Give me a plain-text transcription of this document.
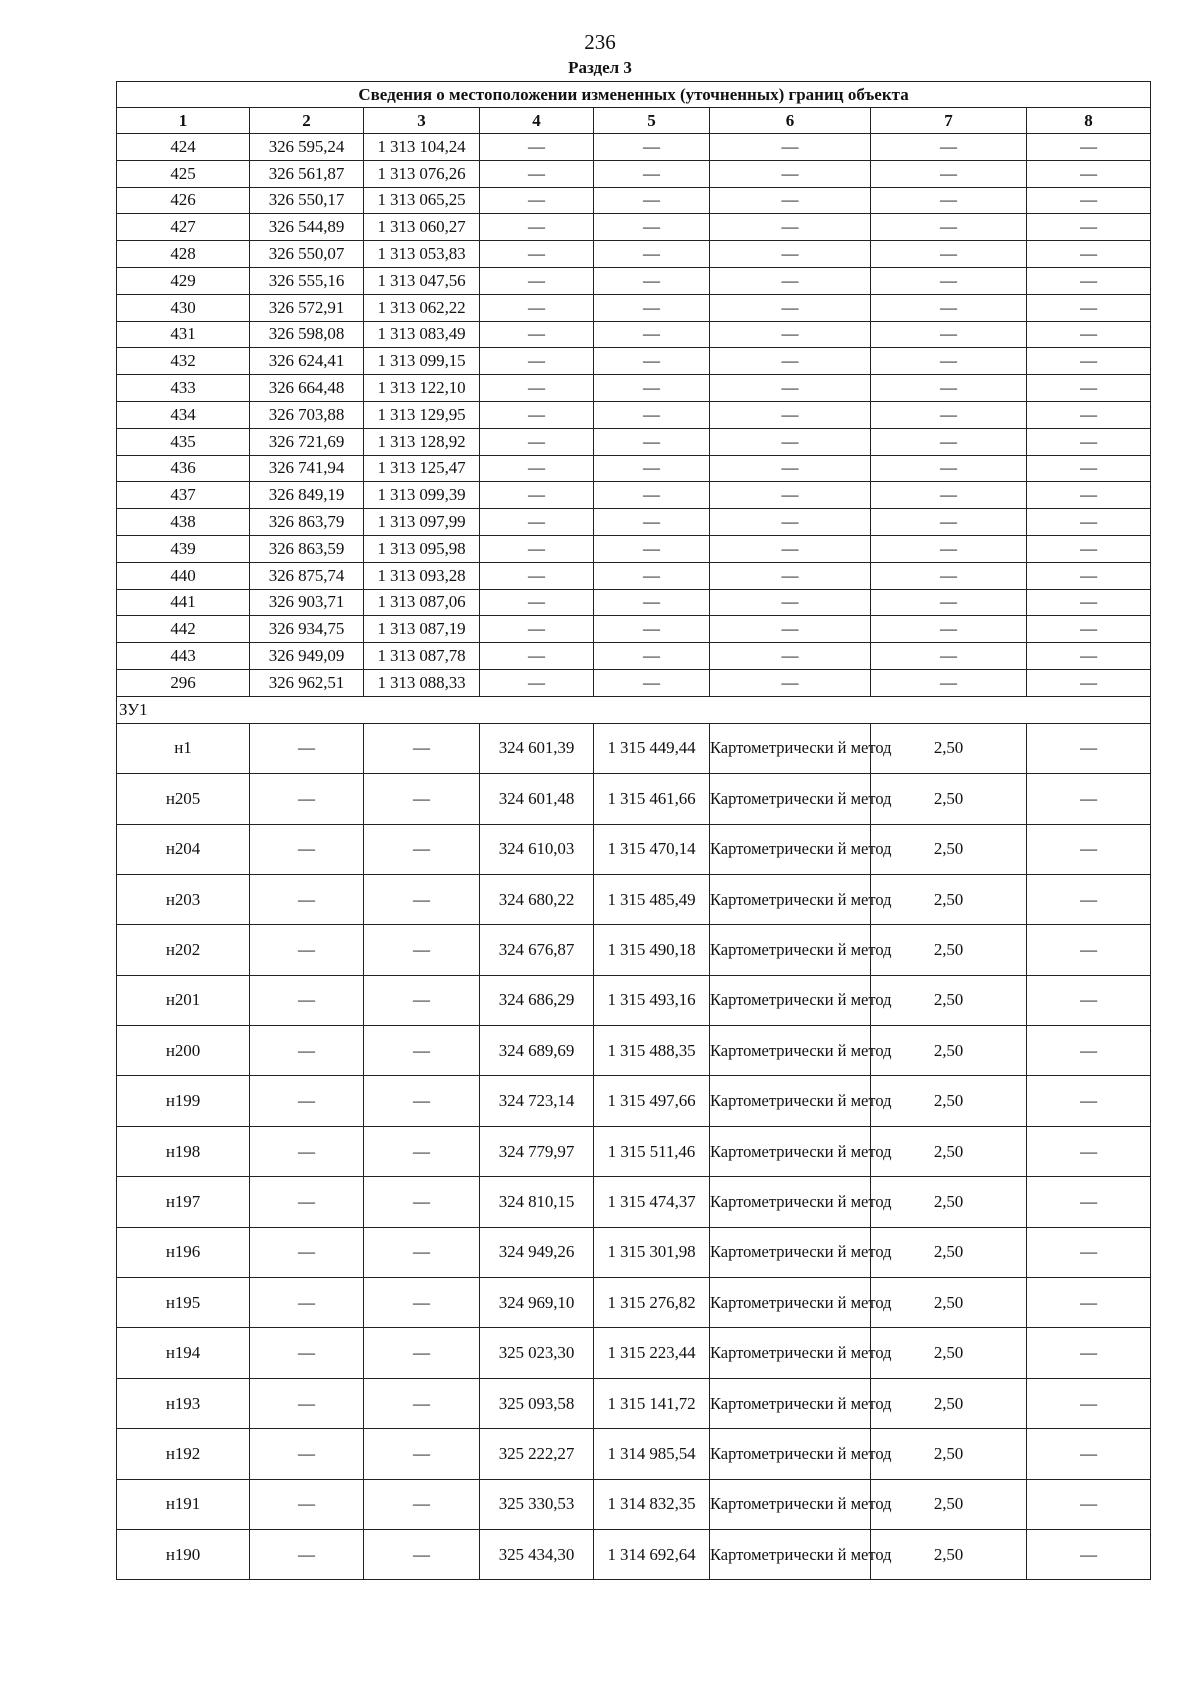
236
Раздел 3
Сведения о местоположении измененных (уточненных) границ объекта							
1	2	3	4	5	6	7	8
424	326 595,24	1 313 104,24	—	—	—	—	—
425	326 561,87	1 313 076,26	—	—	—	—	—
426	326 550,17	1 313 065,25	—	—	—	—	—
427	326 544,89	1 313 060,27	—	—	—	—	—
428	326 550,07	1 313 053,83	—	—	—	—	—
429	326 555,16	1 313 047,56	—	—	—	—	—
430	326 572,91	1 313 062,22	—	—	—	—	—
431	326 598,08	1 313 083,49	—	—	—	—	—
432	326 624,41	1 313 099,15	—	—	—	—	—
433	326 664,48	1 313 122,10	—	—	—	—	—
434	326 703,88	1 313 129,95	—	—	—	—	—
435	326 721,69	1 313 128,92	—	—	—	—	—
436	326 741,94	1 313 125,47	—	—	—	—	—
437	326 849,19	1 313 099,39	—	—	—	—	—
438	326 863,79	1 313 097,99	—	—	—	—	—
439	326 863,59	1 313 095,98	—	—	—	—	—
440	326 875,74	1 313 093,28	—	—	—	—	—
441	326 903,71	1 313 087,06	—	—	—	—	—
442	326 934,75	1 313 087,19	—	—	—	—	—
443	326 949,09	1 313 087,78	—	—	—	—	—
296	326 962,51	1 313 088,33	—	—	—	—	—
ЗУ1							
н1	—	—	324 601,39	1 315 449,44	Картометрически й метод	2,50	—
н205	—	—	324 601,48	1 315 461,66	Картометрически й метод	2,50	—
н204	—	—	324 610,03	1 315 470,14	Картометрически й метод	2,50	—
н203	—	—	324 680,22	1 315 485,49	Картометрически й метод	2,50	—
н202	—	—	324 676,87	1 315 490,18	Картометрически й метод	2,50	—
н201	—	—	324 686,29	1 315 493,16	Картометрически й метод	2,50	—
н200	—	—	324 689,69	1 315 488,35	Картометрически й метод	2,50	—
н199	—	—	324 723,14	1 315 497,66	Картометрически й метод	2,50	—
н198	—	—	324 779,97	1 315 511,46	Картометрически й метод	2,50	—
н197	—	—	324 810,15	1 315 474,37	Картометрически й метод	2,50	—
н196	—	—	324 949,26	1 315 301,98	Картометрически й метод	2,50	—
н195	—	—	324 969,10	1 315 276,82	Картометрически й метод	2,50	—
н194	—	—	325 023,30	1 315 223,44	Картометрически й метод	2,50	—
н193	—	—	325 093,58	1 315 141,72	Картометрически й метод	2,50	—
н192	—	—	325 222,27	1 314 985,54	Картометрически й метод	2,50	—
н191	—	—	325 330,53	1 314 832,35	Картометрически й метод	2,50	—
н190	—	—	325 434,30	1 314 692,64	Картометрически й метод	2,50	—
